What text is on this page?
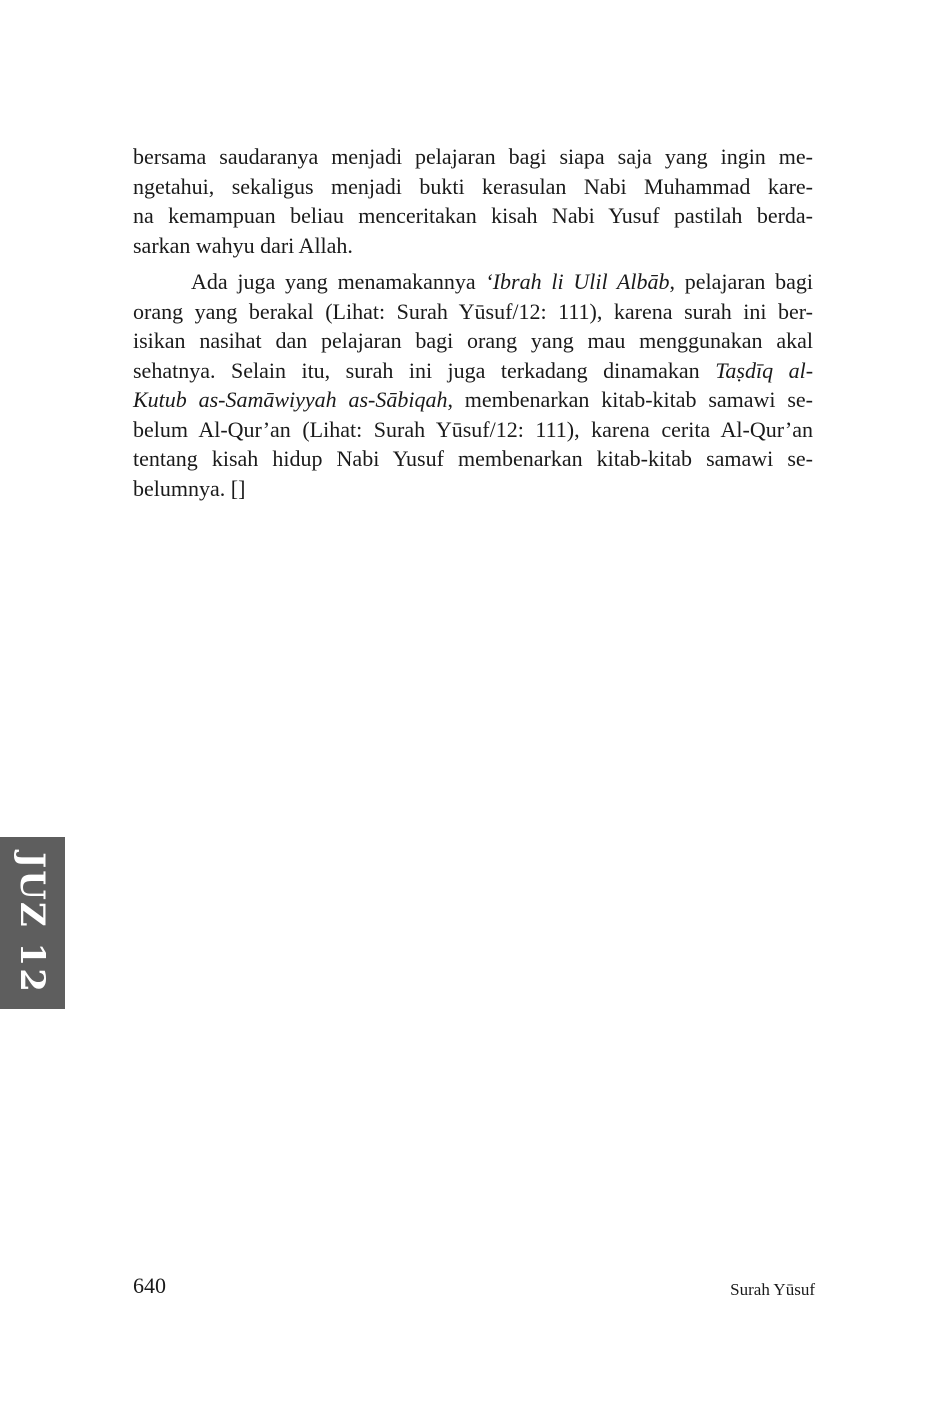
bersama saudaranya menjadi pelajaran bagi siapa saja yang ingin me-
ngetahui, sekaligus menjadi bukti kerasulan Nabi Muhammad kare-
na kemampuan beliau menceritakan kisah Nabi Yusuf pastilah berda-
sarkan wahyu dari Allah.
Ada juga yang menamakannya ‘Ibrah li Ulil Albāb, pelajaran bagi
orang yang berakal (Lihat: Surah Yūsuf/12: 111), karena surah ini ber-
isikan nasihat dan pelajaran bagi orang yang mau menggunakan akal
sehatnya. Selain itu, surah ini juga terkadang dinamakan Taṣdīq al-
Kutub as-Samāwiyyah as-Sābiqah, membenarkan kitab-kitab samawi se-
belum Al-Qur’an (Lihat: Surah Yūsuf/12: 111), karena cerita Al-Qur’an
tentang kisah hidup Nabi Yusuf membenarkan kitab-kitab samawi se-
belumnya. []
JUZ 12
640	Surah Yūsuf
